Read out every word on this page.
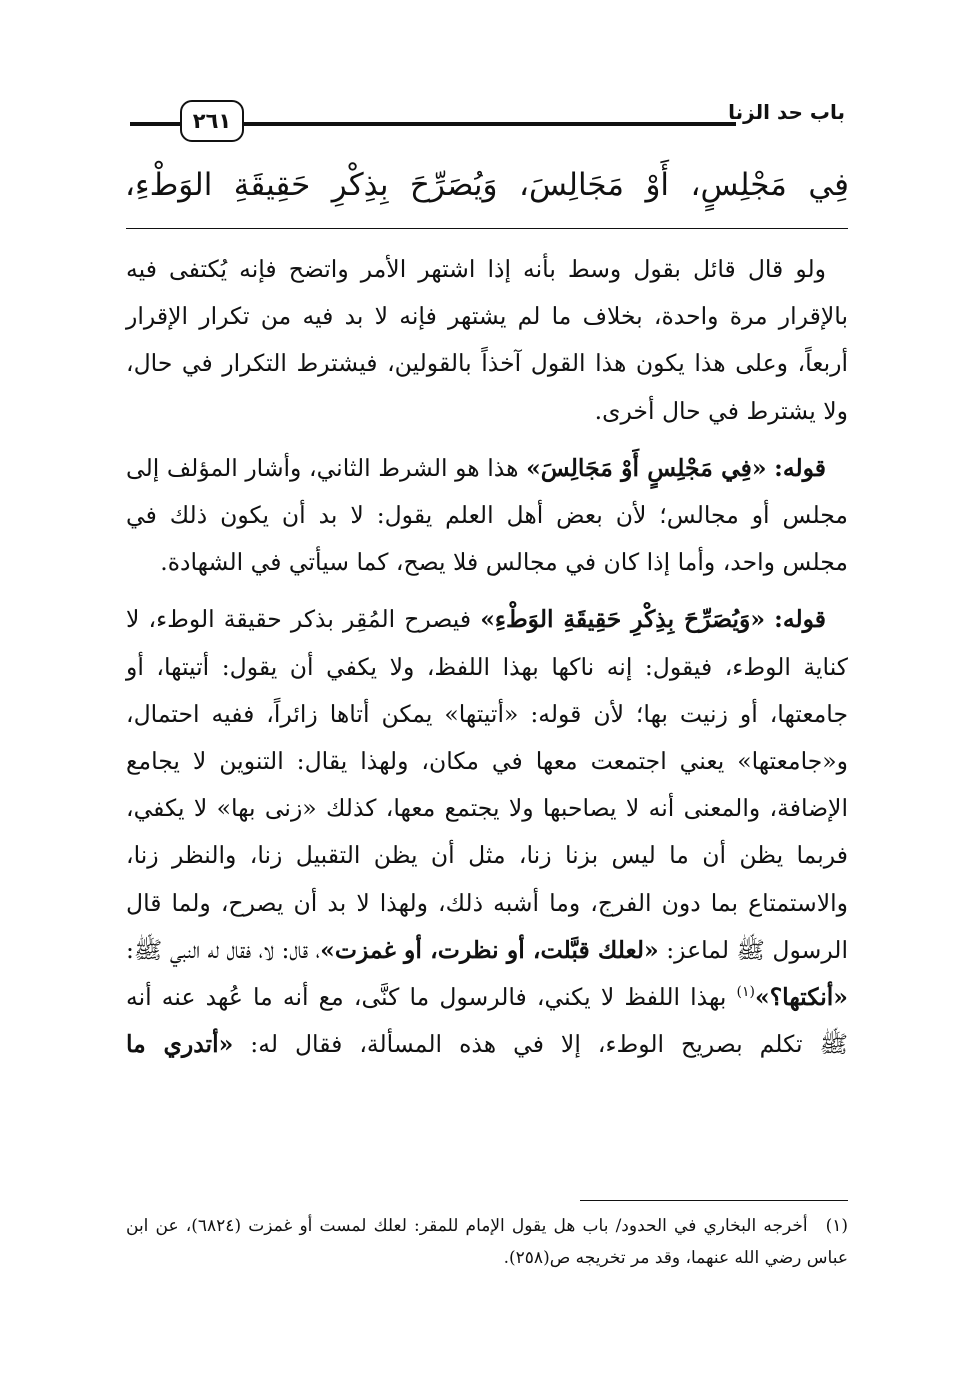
باب حد الزنا
٢٦١
فِي مَجْلِسٍ، أَوْ مَجَالِسَ، وَيُصَرِّحَ بِذِكْرِ حَقِيقَةِ الوَطْءِ،

ولو قال قائل بقول وسط بأنه إذا اشتهر الأمر واتضح فإنه يُكتفى فيه بالإقرار مرة واحدة، بخلاف ما لم يشتهر فإنه لا بد فيه من تكرار الإقرار أربعاً، وعلى هذا يكون هذا القول آخذاً بالقولين، فيشترط التكرار في حال، ولا يشترط في حال أخرى.

قوله: «فِي مَجْلِسٍ أَوْ مَجَالِسَ» هذا هو الشرط الثاني، وأشار المؤلف إلى مجلس أو مجالس؛ لأن بعض أهل العلم يقول: لا بد أن يكون ذلك في مجلس واحد، وأما إذا كان في مجالس فلا يصح، كما سيأتي في الشهادة.

قوله: «وَيُصَرِّحَ بِذِكْرِ حَقِيقَةِ الوَطْءِ» فيصرح المُقِر بذكر حقيقة الوطء، لا كناية الوطء، فيقول: إنه ناكها بهذا اللفظ، ولا يكفي أن يقول: أتيتها، أو جامعتها، أو زنيت بها؛ لأن قوله: «أتيتها» يمكن أتاها زائراً، ففيه احتمال، و«جامعتها» يعني اجتمعت معها في مكان، ولهذا يقال: التنوين لا يجامع الإضافة، والمعنى أنه لا يصاحبها ولا يجتمع معها، كذلك «زنى بها» لا يكفي، فربما يظن أن ما ليس بزنا زنا، مثل أن يظن التقبيل زنا، والنظر زنا، والاستمتاع بما دون الفرج، وما أشبه ذلك، ولهذا لا بد أن يصرح، ولما قال الرسول ﷺ لماعز: «لعلك قبَّلت، أو نظرت، أو غمزت»، قال: لا، فقال له النبي ﷺ: «أنكتها؟»$^{(١)}$ بهذا اللفظ لا يكني، فالرسول ما كنَّى، مع أنه ما عُهد عنه أنه ﷺ تكلم بصريح الوطء، إلا في هذه المسألة، فقال له: «أتدري ما

(١)أخرجه البخاري في الحدود/ باب هل يقول الإمام للمقر: لعلك لمست أو غمزت (٦٨٢٤)، عن ابن عباس رضي الله عنهما، وقد مر تخريجه ص(٢٥٨).
